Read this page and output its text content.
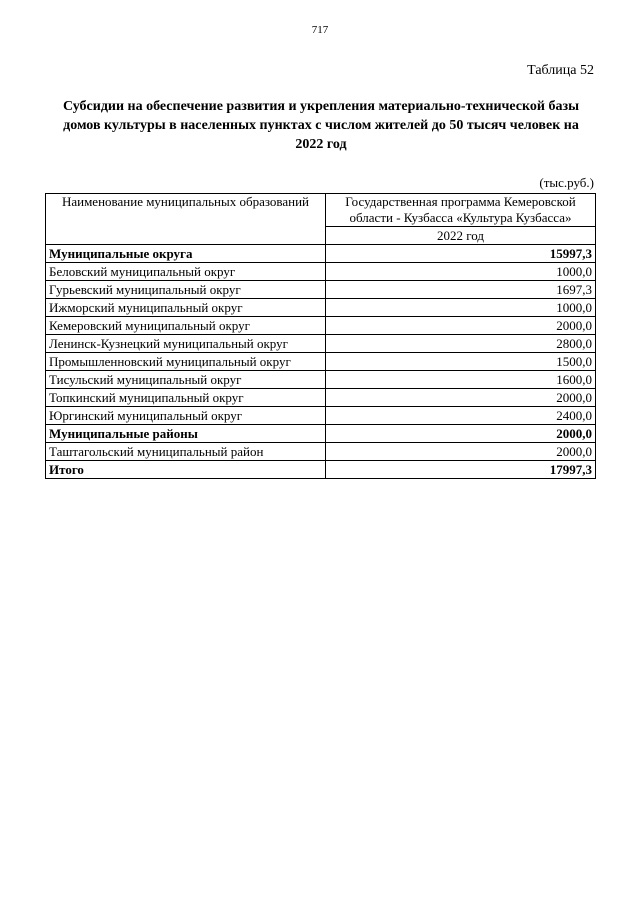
717
Таблица 52
Субсидии на обеспечение развития и укрепления материально-технической базы домов культуры в населенных пунктах с числом жителей до 50 тысяч человек на 2022 год
(тыс.руб.)
Наименование муниципальных образований	Государственная программа Кемеровской области - Кузбасса «Культура Кузбасса»
	2022 год
Муниципальные округа	15997,3
Беловский муниципальный округ	1000,0
Гурьевский муниципальный округ	1697,3
Ижморский муниципальный округ	1000,0
Кемеровский муниципальный округ	2000,0
Ленинск-Кузнецкий муниципальный округ	2800,0
Промышленновский муниципальный округ	1500,0
Тисульский муниципальный округ	1600,0
Топкинский муниципальный округ	2000,0
Юргинский муниципальный округ	2400,0
Муниципальные районы	2000,0
Таштагольский муниципальный район	2000,0
Итого	17997,3
